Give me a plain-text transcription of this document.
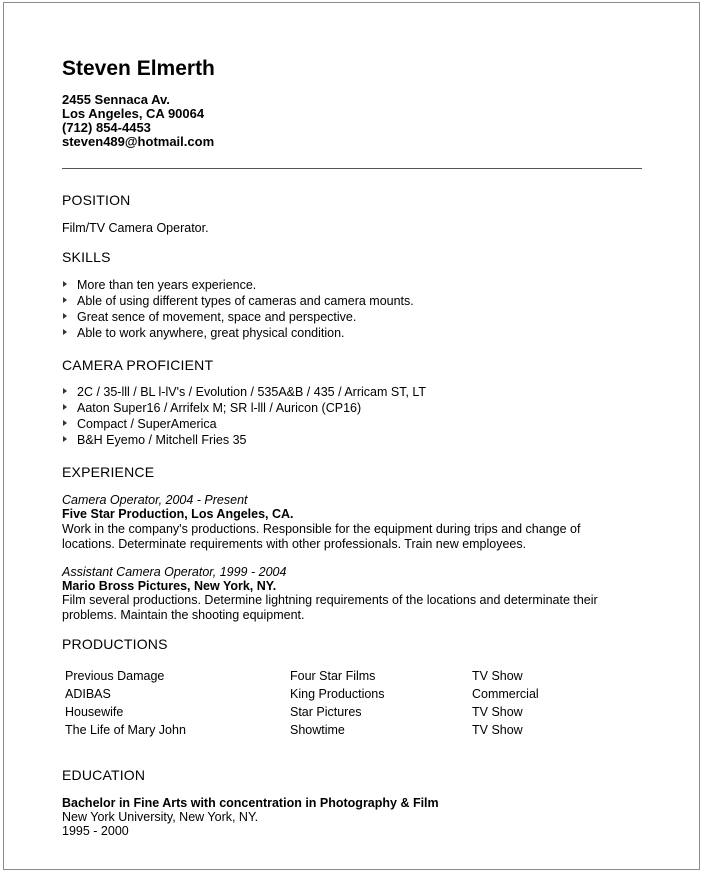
Steven Elmerth
2455 Sennaca Av.
Los Angeles, CA 90064
(712) 854-4453
steven489@hotmail.com
POSITION
Film/TV Camera Operator.
SKILLS
More than ten years experience.
Able of using different types of cameras and camera mounts.
Great sence of movement, space and perspective.
Able to work anywhere, great physical condition.
CAMERA PROFICIENT
2C / 35-lll / BL l-lV's / Evolution / 535A&B / 435 / Arricam ST, LT
Aaton Super16 / Arrifelx M; SR l-lll / Auricon (CP16)
Compact / SuperAmerica
B&H Eyemo / Mitchell Fries 35
EXPERIENCE
Camera Operator, 2004 - Present
Five Star Production, Los Angeles, CA.
Work in the company's productions. Responsible for the equipment during trips and change of
locations. Determinate requirements with other professionals. Train new employees.
Assistant Camera Operator, 1999 - 2004
Mario Bross Pictures, New York, NY.
Film several productions. Determine lightning requirements of the locations and determinate their
problems. Maintain the shooting equipment.
PRODUCTIONS
Previous Damage	Four Star Films	TV Show
ADIBAS	King Productions	Commercial
Housewife	Star Pictures	TV Show
The Life of Mary John	Showtime	TV Show
EDUCATION
Bachelor in Fine Arts with concentration in Photography & Film
New York University, New York, NY.
1995 - 2000
